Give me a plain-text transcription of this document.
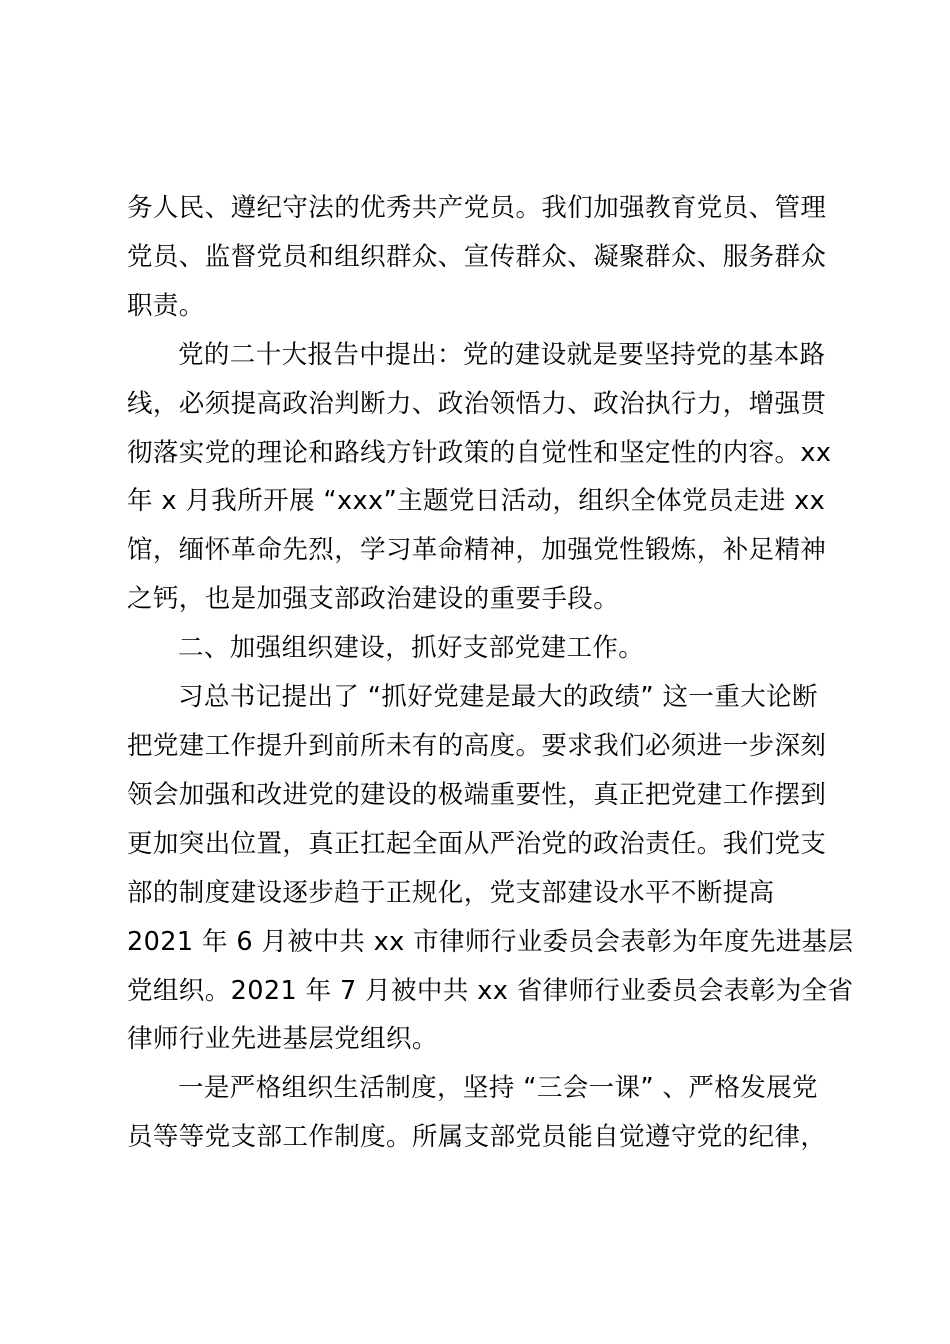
务人民、遵纪守法的优秀共产党员。我们加强教育党员、管理
党员、监督党员和组织群众、宣传群众、凝聚群众、服务群众
职责。

党的二十大报告中提出：党的建设就是要坚持党的基本路
线，必须提高政治判断力、政治领悟力、政治执行力，增强贯
彻落实党的理论和路线方针政策的自觉性和坚定性的内容。xx
年 x 月我所开展 “xxx”主题党日活动，组织全体党员走进 xx
馆，缅怀革命先烈，学习革命精神，加强党性锻炼，补足精神
之钙，也是加强支部政治建设的重要手段。

二、加强组织建设，抓好支部党建工作。

习总书记提出了 “抓好党建是最大的政绩” 这一重大论断
把党建工作提升到前所未有的高度。要求我们必须进一步深刻
领会加强和改进党的建设的极端重要性，真正把党建工作摆到
更加突出位置，真正扛起全面从严治党的政治责任。我们党支
部的制度建设逐步趋于正规化，党支部建设水平不断提高
2021 年 6 月被中共 xx 市律师行业委员会表彰为年度先进基层
党组织。2021 年 7 月被中共 xx 省律师行业委员会表彰为全省
律师行业先进基层党组织。

一是严格组织生活制度，坚持 “三会一课” 、严格发展党
员等等党支部工作制度。所属支部党员能自觉遵守党的纪律，
